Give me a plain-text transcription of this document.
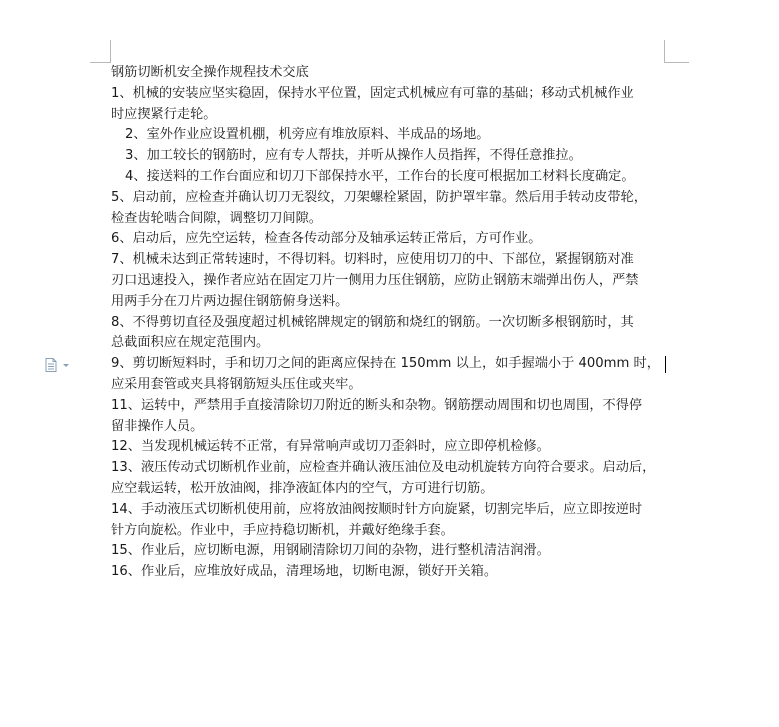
钢筋切断机安全操作规程技术交底
1、机械的安装应坚实稳固，保持水平位置，固定式机械应有可靠的基础；移动式机械作业
时应揳紧行走轮。
2、室外作业应设置机棚，机旁应有堆放原料、半成品的场地。
3、加工较长的钢筋时，应有专人帮扶，并听从操作人员指挥，不得任意推拉。
4、接送料的工作台面应和切刀下部保持水平，工作台的长度可根据加工材料长度确定。
5、启动前，应检查并确认切刀无裂纹，刀架螺栓紧固，防护罩牢靠。然后用手转动皮带轮，
检查齿轮啮合间隙，调整切刀间隙。
6、启动后，应先空运转，检查各传动部分及轴承运转正常后，方可作业。
7、机械未达到正常转速时，不得切料。切料时，应使用切刀的中、下部位，紧握钢筋对准
刃口迅速投入，操作者应站在固定刀片一侧用力压住钢筋，应防止钢筋末端弹出伤人，严禁
用两手分在刀片两边握住钢筋俯身送料。
8、不得剪切直径及强度超过机械铭牌规定的钢筋和烧红的钢筋。一次切断多根钢筋时，其
总截面积应在规定范围内。
9、剪切断短料时，手和切刀之间的距离应保持在 150mm 以上，如手握端小于 400mm 时，
应采用套管或夹具将钢筋短头压住或夹牢。
11、运转中，严禁用手直接清除切刀附近的断头和杂物。钢筋摆动周围和切也周围，不得停
留非操作人员。
12、当发现机械运转不正常，有异常响声或切刀歪斜时，应立即停机检修。
13、液压传动式切断机作业前，应检查并确认液压油位及电动机旋转方向符合要求。启动后，
应空载运转，松开放油阀，排净液缸体内的空气，方可进行切筋。
14、手动液压式切断机使用前，应将放油阀按顺时针方向旋紧，切割完毕后，应立即按逆时
针方向旋松。作业中，手应持稳切断机，并戴好绝缘手套。
15、作业后，应切断电源，用钢刷清除切刀间的杂物，进行整机清洁润滑。
16、作业后，应堆放好成品，清理场地，切断电源，锁好开关箱。
